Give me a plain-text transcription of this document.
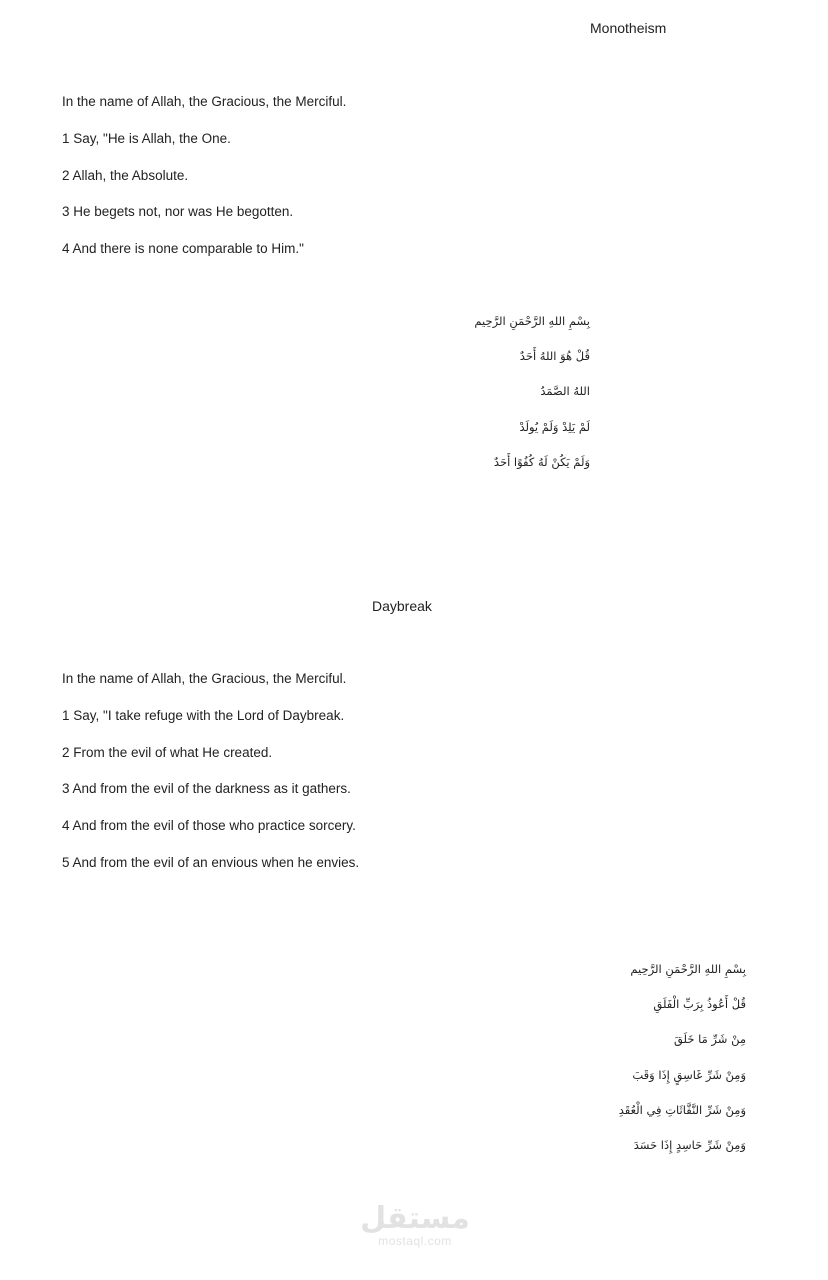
Monotheism
In the name of Allah, the Gracious, the Merciful.
1 Say, "He is Allah, the One.
2 Allah, the Absolute.
3 He begets not, nor was He begotten.
4 And there is none comparable to Him."
بِسْمِ اللهِ الرَّحْمَنِ الرَّحِيم
قُلْ هُوَ اللهُ أَحَدٌ
اللهُ الصَّمَدُ
لَمْ يَلِدْ وَلَمْ يُولَدْ
وَلَمْ يَكُنْ لَهُ كُفُوًا أَحَدٌ
Daybreak
In the name of Allah, the Gracious, the Merciful.
1 Say, "I take refuge with the Lord of Daybreak.
2 From the evil of what He created.
3 And from the evil of the darkness as it gathers.
4 And from the evil of those who practice sorcery.
5 And from the evil of an envious when he envies.
بِسْمِ اللهِ الرَّحْمَنِ الرَّحِيم
قُلْ أَعُوذُ بِرَبِّ الْفَلَقِ
مِنْ شَرِّ مَا خَلَقَ
وَمِنْ شَرِّ غَاسِقٍ إِذَا وَقَبَ
وَمِنْ شَرِّ النَّفَّاثَاتِ فِي الْعُقَدِ
وَمِنْ شَرِّ حَاسِدٍ إِذَا حَسَدَ
مستقل
mostaql.com
